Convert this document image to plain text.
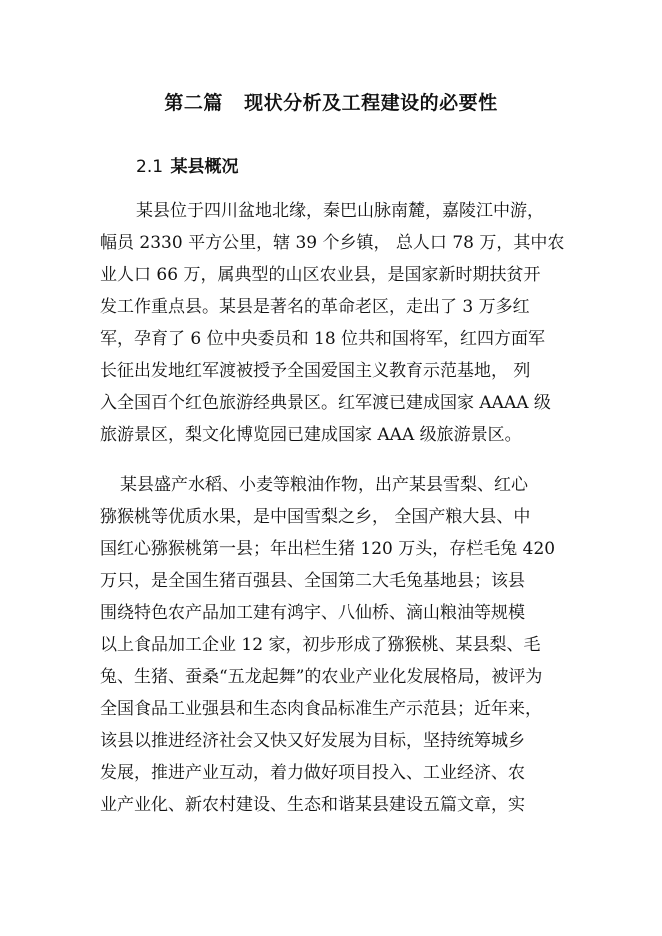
第二篇   现状分析及工程建设的必要性
2.1 某县概况
某县位于四川盆地北缘，秦巴山脉南麓，嘉陵江中游，
幅员 2330 平方公里，辖 39 个乡镇， 总人口 78 万，其中农
业人口 66 万，属典型的山区农业县，是国家新时期扶贫开
发工作重点县。某县是著名的革命老区，走出了 3 万多红
军，孕育了 6 位中央委员和 18 位共和国将军，红四方面军
长征出发地红军渡被授予全国爱国主义教育示范基地， 列
入全国百个红色旅游经典景区。红军渡已建成国家 AAAA 级
旅游景区，梨文化博览园已建成国家 AAA 级旅游景区。
某县盛产水稻、小麦等粮油作物，出产某县雪梨、红心
猕猴桃等优质水果，是中国雪梨之乡， 全国产粮大县、中
国红心猕猴桃第一县；年出栏生猪 120 万头，存栏毛兔 420
万只，是全国生猪百强县、全国第二大毛兔基地县；该县
围绕特色农产品加工建有鸿宇、八仙桥、滴山粮油等规模
以上食品加工企业 12 家，初步形成了猕猴桃、某县梨、毛
兔、生猪、蚕桑“五龙起舞”的农业产业化发展格局，被评为
全国食品工业强县和生态肉食品标准生产示范县；近年来，
该县以推进经济社会又快又好发展为目标，坚持统筹城乡
发展，推进产业互动，着力做好项目投入、工业经济、农
业产业化、新农村建设、生态和谐某县建设五篇文章，实
